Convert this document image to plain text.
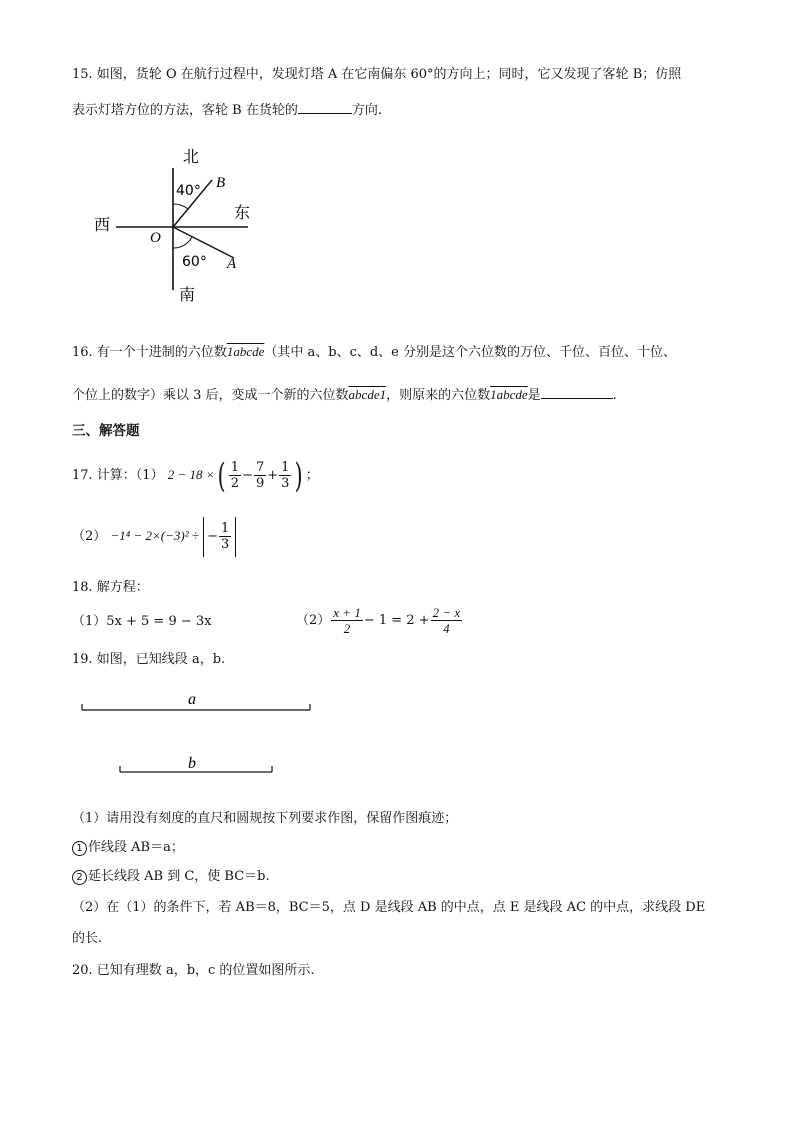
15. 如图，货轮 O 在航行过程中，发现灯塔 A 在它南偏东 60°的方向上；同时，它又发现了客轮 B；仿照
表示灯塔方位的方法，客轮 B 在货轮的	方向.
北
南
东
西
O
B
A
40°
60°
16. 有一个十进制的六位数1abcde（其中 a、b、c、d、e 分别是这个六位数的万位、千位、百位、十位、
个位上的数字）乘以 3 后，变成一个新的六位数abcde1，则原来的六位数1abcde是	.
三、解答题
17. 计算：（1） 2 − 18 ×( $\frac{1}{2} - \frac{7}{9} + \frac{1}{3}$ ) ；
（2） −1⁴ − 2×(−3)² ÷ − $\frac{1}{3}$
18. 解方程：
（1）5x + 5 = 9 − 3x	$(2) \frac{x + 1}{2} - 1 = 2 + \frac{2 - x}{4}$
19. 如图，已知线段 a，b.
a
b
（1）请用没有刻度的直尺和圆规按下列要求作图，保留作图痕迹；
1 作线段 AB＝a；
2 延长线段 AB 到 C，使 BC＝b.
（2）在（1）的条件下，若 AB＝8，BC＝5，点 D 是线段 AB 的中点，点 E 是线段 AC 的中点，求线段 DE
的长.
20. 已知有理数 a，b，c 的位置如图所示.
